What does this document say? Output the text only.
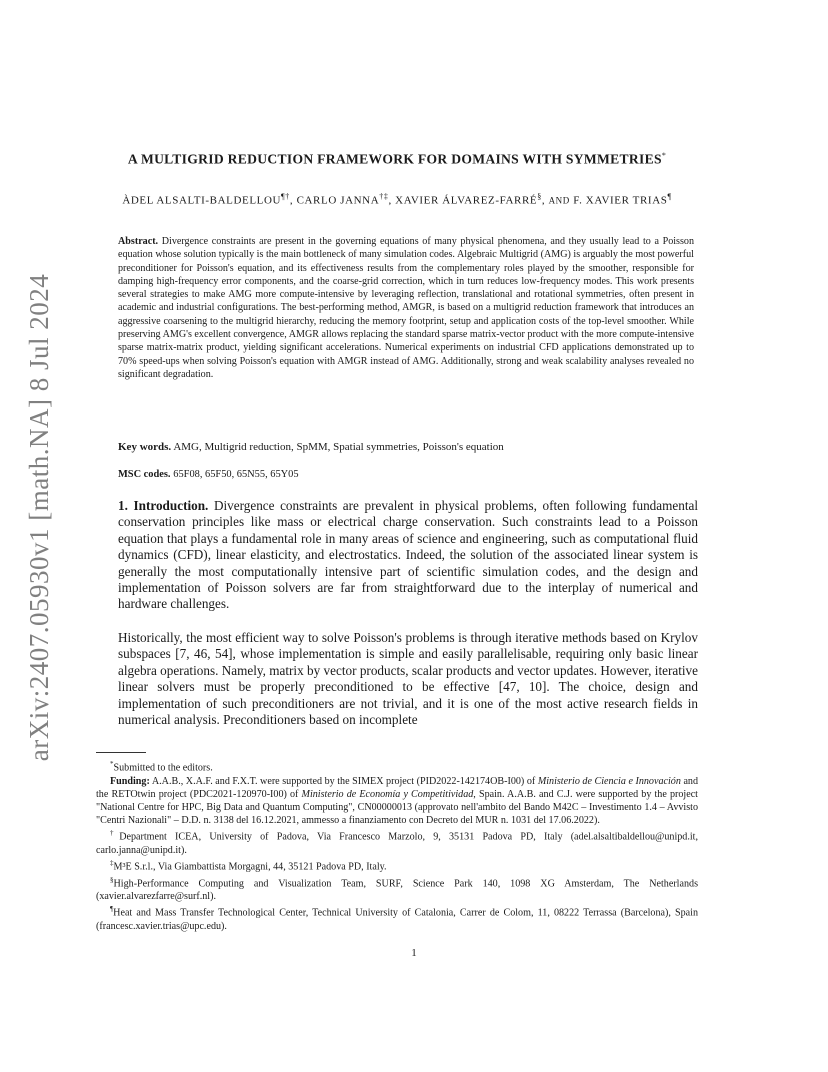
arXiv:2407.05930v1 [math.NA] 8 Jul 2024
A MULTIGRID REDUCTION FRAMEWORK FOR DOMAINS WITH SYMMETRIES*
ÀDEL ALSALTI-BALDELLOU¶†, CARLO JANNA†‡, XAVIER ÁLVAREZ-FARRÉ§, AND F. XAVIER TRIAS¶
Abstract. Divergence constraints are present in the governing equations of many physical phenomena, and they usually lead to a Poisson equation whose solution typically is the main bottleneck of many simulation codes. Algebraic Multigrid (AMG) is arguably the most powerful preconditioner for Poisson's equation, and its effectiveness results from the complementary roles played by the smoother, responsible for damping high-frequency error components, and the coarse-grid correction, which in turn reduces low-frequency modes. This work presents several strategies to make AMG more compute-intensive by leveraging reflection, translational and rotational symmetries, often present in academic and industrial configurations. The best-performing method, AMGR, is based on a multigrid reduction framework that introduces an aggressive coarsening to the multigrid hierarchy, reducing the memory footprint, setup and application costs of the top-level smoother. While preserving AMG's excellent convergence, AMGR allows replacing the standard sparse matrix-vector product with the more compute-intensive sparse matrix-matrix product, yielding significant accelerations. Numerical experiments on industrial CFD applications demonstrated up to 70% speed-ups when solving Poisson's equation with AMGR instead of AMG. Additionally, strong and weak scalability analyses revealed no significant degradation.
Key words. AMG, Multigrid reduction, SpMM, Spatial symmetries, Poisson's equation
MSC codes. 65F08, 65F50, 65N55, 65Y05
1. Introduction. Divergence constraints are prevalent in physical problems, often following fundamental conservation principles like mass or electrical charge conservation. Such constraints lead to a Poisson equation that plays a fundamental role in many areas of science and engineering, such as computational fluid dynamics (CFD), linear elasticity, and electrostatics. Indeed, the solution of the associated linear system is generally the most computationally intensive part of scientific simulation codes, and the design and implementation of Poisson solvers are far from straightforward due to the interplay of numerical and hardware challenges.
Historically, the most efficient way to solve Poisson's problems is through iterative methods based on Krylov subspaces [7, 46, 54], whose implementation is simple and easily parallelisable, requiring only basic linear algebra operations. Namely, matrix by vector products, scalar products and vector updates. However, iterative linear solvers must be properly preconditioned to be effective [47, 10]. The choice, design and implementation of such preconditioners are not trivial, and it is one of the most active research fields in numerical analysis. Preconditioners based on incomplete
*Submitted to the editors.
Funding: A.A.B., X.A.F. and F.X.T. were supported by the SIMEX project (PID2022-142174OB-I00) of Ministerio de Ciencia e Innovación and the RETOtwin project (PDC2021-120970-I00) of Ministerio de Economía y Competitividad, Spain. A.A.B. and C.J. were supported by the project "National Centre for HPC, Big Data and Quantum Computing", CN00000013 (approvato nell'ambito del Bando M42C – Investimento 1.4 – Avvisto "Centri Nazionali" – D.D. n. 3138 del 16.12.2021, ammesso a finanziamento con Decreto del MUR n. 1031 del 17.06.2022).
†Department ICEA, University of Padova, Via Francesco Marzolo, 9, 35131 Padova PD, Italy (adel.alsaltibaldellou@unipd.it, carlo.janna@unipd.it).
‡M³E S.r.l., Via Giambattista Morgagni, 44, 35121 Padova PD, Italy.
§High-Performance Computing and Visualization Team, SURF, Science Park 140, 1098 XG Amsterdam, The Netherlands (xavier.alvarezfarre@surf.nl).
¶Heat and Mass Transfer Technological Center, Technical University of Catalonia, Carrer de Colom, 11, 08222 Terrassa (Barcelona), Spain (francesc.xavier.trias@upc.edu).
1
